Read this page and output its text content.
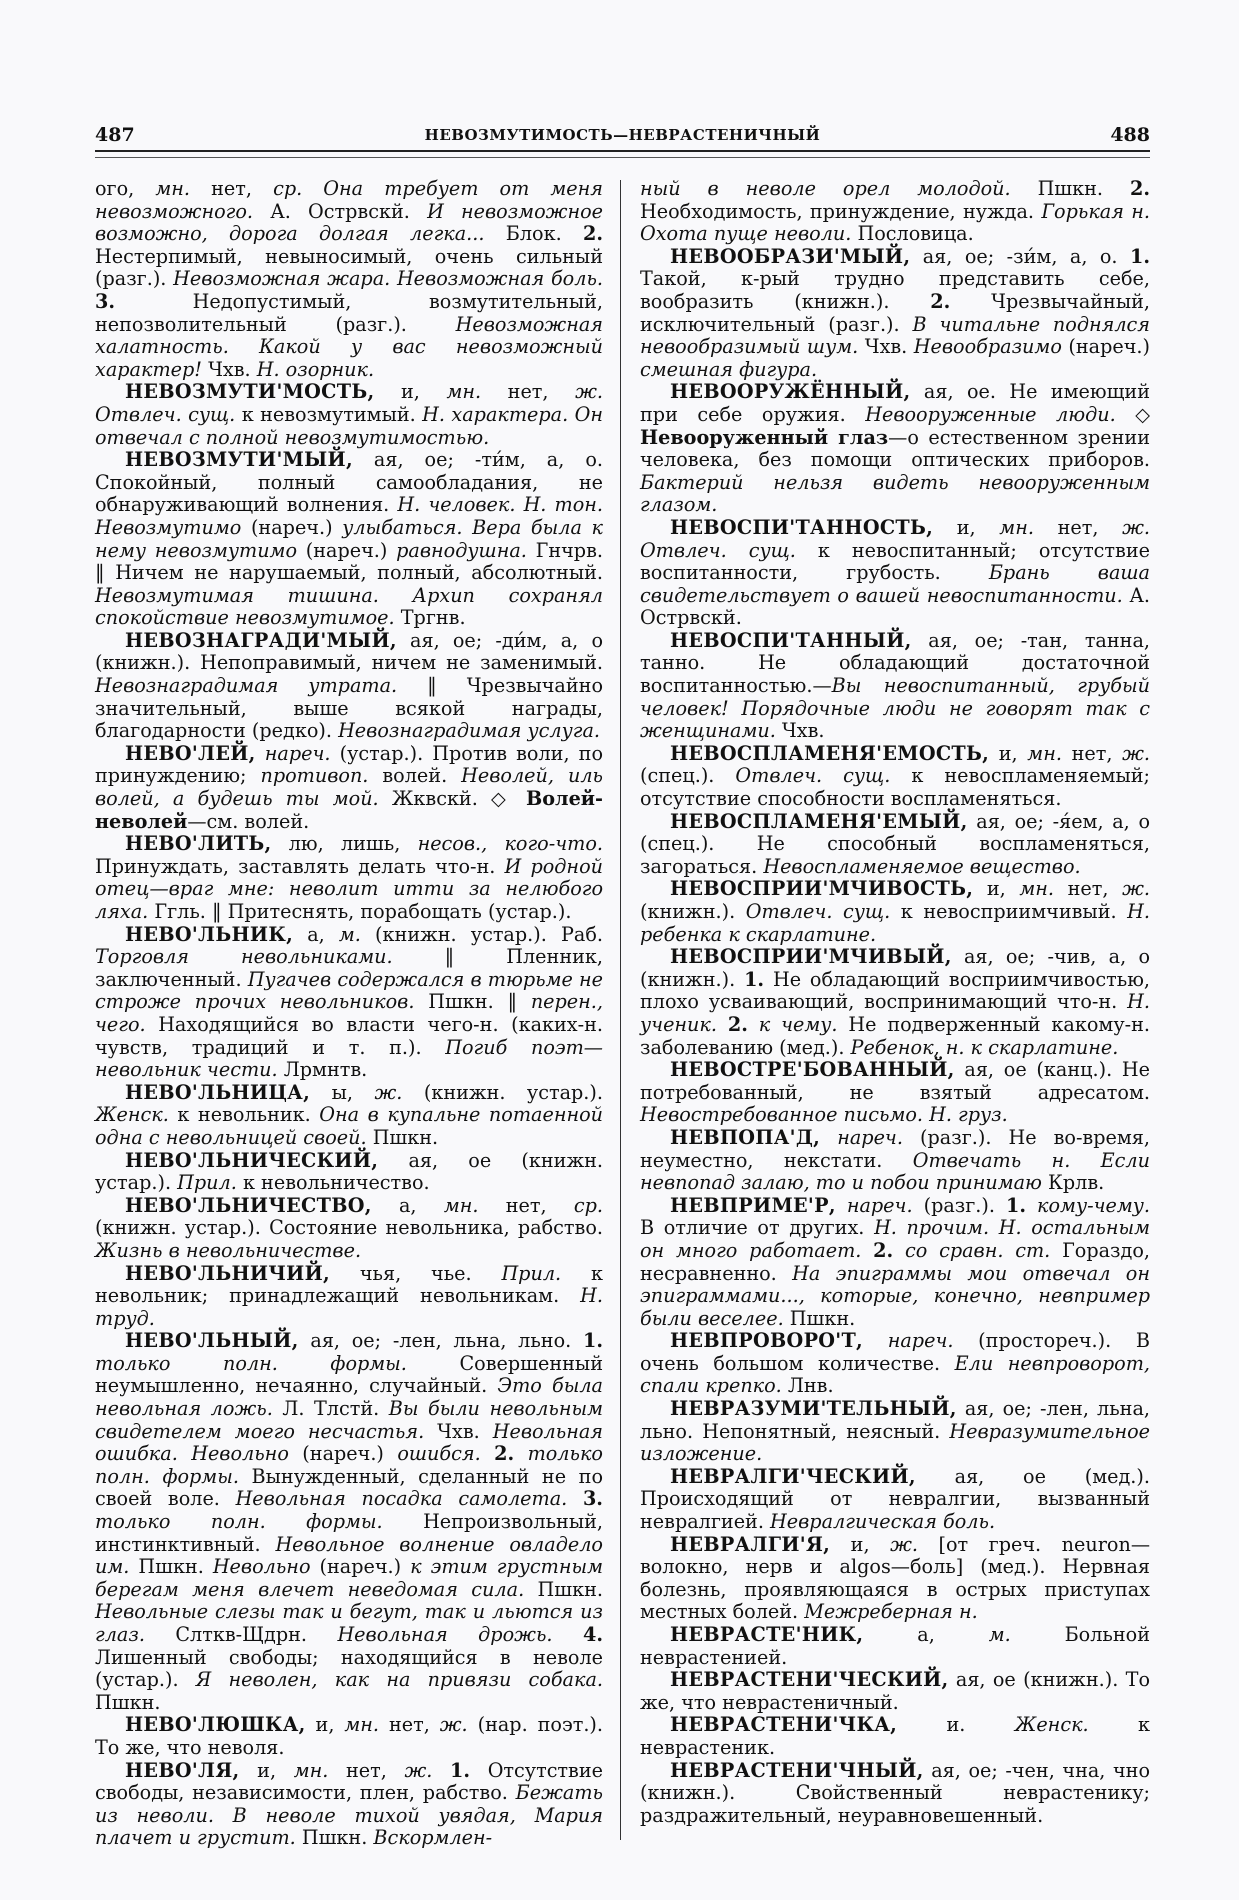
487	НЕВОЗМУТИМОСТЬ—НЕВРАСТЕНИЧНЫЙ	488

ого, мн. нет, ср. Она требует от меня невозможного. А. Острвскй. И невозможное возможно, дорога долгая легка... Блок. 2. Нестерпимый, невыносимый, очень сильный (разг.). Невозможная жара. Невозможная боль. 3. Недопустимый, возмутительный, непозволительный (разг.). Невозможная халатность. Какой у вас невозможный характер! Чхв. Н. озорник.

НЕВОЗМУТИ'МОСТЬ, и, мн. нет, ж. Отвлеч. сущ. к невозмутимый. Н. характера. Он отвечал с полной невозмутимостью.

НЕВОЗМУТИ'МЫЙ, ая, ое; -ти́м, а, о. Спокойный, полный самообладания, не обнаруживающий волнения. Н. человек. Н. тон. Невозмутимо (нареч.) улыбаться. Вера была к нему невозмутимо (нареч.) равнодушна. Гнчрв. ‖ Ничем не нарушаемый, полный, абсолютный. Невозмутимая тишина. Архип сохранял спокойствие невозмутимое. Тргнв.

НЕВОЗНАГРАДИ'МЫЙ, ая, ое; -ди́м, а, о (книжн.). Непоправимый, ничем не заменимый. Невознаградимая утрата. ‖ Чрезвычайно значительный, выше всякой награды, благодарности (редко). Невознаградимая услуга.

НЕВО'ЛЕЙ, нареч. (устар.). Против воли, по принуждению; противоп. волей. Неволей, иль волей, а будешь ты мой. Жквскй. ◇ Волей-неволей—см. волей.

НЕВО'ЛИТЬ, лю, лишь, несов., кого-что. Принуждать, заставлять делать что-н. И родной отец—враг мне: неволит итти за нелюбого ляха. Ггль. ‖ Притеснять, порабощать (устар.).

НЕВО'ЛЬНИК, а, м. (книжн. устар.). Раб. Торговля невольниками. ‖ Пленник, заключенный. Пугачев содержался в тюрьме не строже прочих невольников. Пшкн. ‖ перен., чего. Находящийся во власти чего-н. (каких-н. чувств, традиций и т. п.). Погиб поэт—невольник чести. Лрмнтв.

НЕВО'ЛЬНИЦА, ы, ж. (книжн. устар.). Женск. к невольник. Она в купальне потаенной одна с невольницей своей. Пшкн.

НЕВО'ЛЬНИЧЕСКИЙ, ая, ое (книжн. устар.). Прил. к невольничество.

НЕВО'ЛЬНИЧЕСТВО, а, мн. нет, ср. (книжн. устар.). Состояние невольника, рабство. Жизнь в невольничестве.

НЕВО'ЛЬНИЧИЙ, чья, чье. Прил. к невольник; принадлежащий невольникам. Н. труд.

НЕВО'ЛЬНЫЙ, ая, ое; -лен, льна, льно. 1. только полн. формы. Совершенный неумышленно, нечаянно, случайный. Это была невольная ложь. Л. Тлстй. Вы были невольным свидетелем моего несчастья. Чхв. Невольная ошибка. Невольно (нареч.) ошибся. 2. только полн. формы. Вынужденный, сделанный не по своей воле. Невольная посадка самолета. 3. только полн. формы. Непроизвольный, инстинктивный. Невольное волнение овладело им. Пшкн. Невольно (нареч.) к этим грустным берегам меня влечет неведомая сила. Пшкн. Невольные слезы так и бегут, так и льются из глаз. Слткв-Щдрн. Невольная дрожь. 4. Лишенный свободы; находящийся в неволе (устар.). Я неволен, как на привязи собака. Пшкн.

НЕВО'ЛЮШКА, и, мн. нет, ж. (нар. поэт.). То же, что неволя.

НЕВО'ЛЯ, и, мн. нет, ж. 1. Отсутствие свободы, независимости, плен, рабство. Бежать из неволи. В неволе тихой увядая, Мария плачет и грустит. Пшкн. Вскормлен-

ный в неволе орел молодой. Пшкн. 2. Необходимость, принуждение, нужда. Горькая н. Охота пуще неволи. Пословица.

НЕВООБРАЗИ'МЫЙ, ая, ое; -зи́м, а, о. 1. Такой, к-рый трудно представить себе, вообразить (книжн.). 2. Чрезвычайный, исключительный (разг.). В читальне поднялся невообразимый шум. Чхв. Невообразимо (нареч.) смешная фигура.

НЕВООРУЖЁННЫЙ, ая, ое. Не имеющий при себе оружия. Невооруженные люди. ◇ Невооруженный глаз—о естественном зрении человека, без помощи оптических приборов. Бактерий нельзя видеть невооруженным глазом.

НЕВОСПИ'ТАННОСТЬ, и, мн. нет, ж. Отвлеч. сущ. к невоспитанный; отсутствие воспитанности, грубость. Брань ваша свидетельствует о вашей невоспитанности. А. Острвскй.

НЕВОСПИ'ТАННЫЙ, ая, ое; -тан, танна, танно. Не обладающий достаточной воспитанностью.—Вы невоспитанный, грубый человек! Порядочные люди не говорят так с женщинами. Чхв.

НЕВОСПЛАМЕНЯ'ЕМОСТЬ, и, мн. нет, ж. (спец.). Отвлеч. сущ. к невоспламеняемый; отсутствие способности воспламеняться.

НЕВОСПЛАМЕНЯ'ЕМЫЙ, ая, ое; -я́ем, а, о (спец.). Не способный воспламеняться, загораться. Невоспламеняемое вещество.

НЕВОСПРИИ'МЧИВОСТЬ, и, мн. нет, ж. (книжн.). Отвлеч. сущ. к невосприимчивый. Н. ребенка к скарлатине.

НЕВОСПРИИ'МЧИВЫЙ, ая, ое; -чив, а, о (книжн.). 1. Не обладающий восприимчивостью, плохо усваивающий, воспринимающий что-н. Н. ученик. 2. к чему. Не подверженный какому-н. заболеванию (мед.). Ребенок, н. к скарлатине.

НЕВОСТРЕ'БОВАННЫЙ, ая, ое (канц.). Не потребованный, не взятый адресатом. Невостребованное письмо. Н. груз.

НЕВПОПА'Д, нареч. (разг.). Не во-время, неуместно, некстати. Отвечать н. Если невпопад залаю, то и побои принимаю Крлв.

НЕВПРИМЕ'Р, нареч. (разг.). 1. кому-чему. В отличие от других. Н. прочим. Н. остальным он много работает. 2. со сравн. ст. Гораздо, несравненно. На эпиграммы мои отвечал он эпиграммами..., которые, конечно, невпример были веселее. Пшкн.

НЕВПРОВОРО'Т, нареч. (простореч.). В очень большом количестве. Ели невпроворот, спали крепко. Лнв.

НЕВРАЗУМИ'ТЕЛЬНЫЙ, ая, ое; -лен, льна, льно. Непонятный, неясный. Невразумительное изложение.

НЕВРАЛГИ'ЧЕСКИЙ, ая, ое (мед.). Происходящий от невралгии, вызванный невралгией. Невралгическая боль.

НЕВРАЛГИ'Я, и, ж. [от греч. neuron—волокно, нерв и algos—боль] (мед.). Нервная болезнь, проявляющаяся в острых приступах местных болей. Межреберная н.

НЕВРАСТЕ'НИК, а, м. Больной неврастенией.

НЕВРАСТЕНИ'ЧЕСКИЙ, ая, ое (книжн.). То же, что неврастеничный.

НЕВРАСТЕНИ'ЧКА, и. Женск. к неврастеник.

НЕВРАСТЕНИ'ЧНЫЙ, ая, ое; -чен, чна, чно (книжн.). Свойственный неврастенику; раздражительный, неуравновешенный.
